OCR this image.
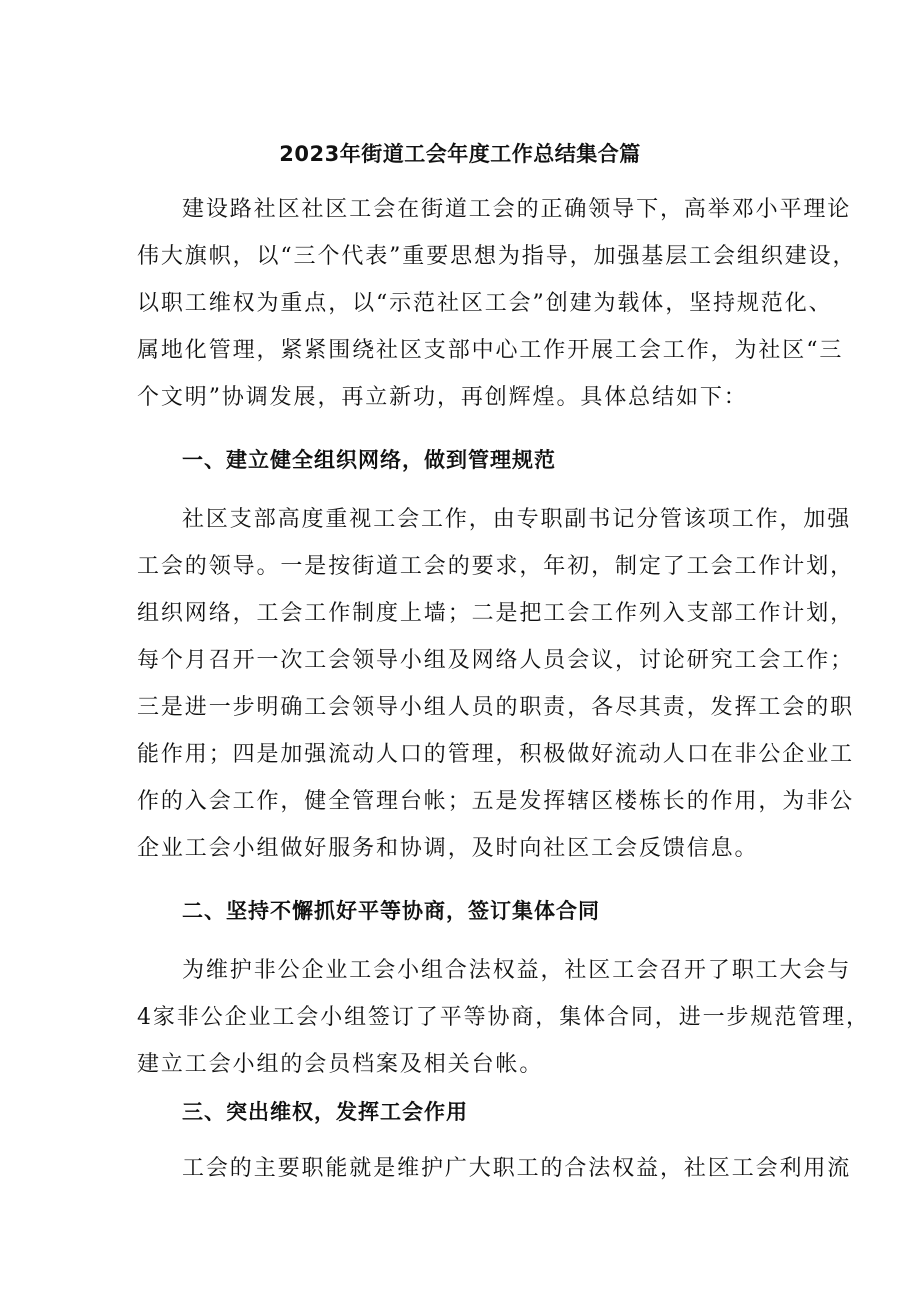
2023年街道工会年度工作总结集合篇
建设路社区社区工会在街道工会的正确领导下，高举邓小平理论
伟大旗帜，以“三个代表”重要思想为指导，加强基层工会组织建设，
以职工维权为重点，以“示范社区工会”创建为载体，坚持规范化、
属地化管理，紧紧围绕社区支部中心工作开展工会工作，为社区“三
个文明”协调发展，再立新功，再创辉煌。具体总结如下：
一、建立健全组织网络，做到管理规范
社区支部高度重视工会工作，由专职副书记分管该项工作，加强
工会的领导。一是按街道工会的要求，年初，制定了工会工作计划，
组织网络，工会工作制度上墙；二是把工会工作列入支部工作计划，
每个月召开一次工会领导小组及网络人员会议，讨论研究工会工作；
三是进一步明确工会领导小组人员的职责，各尽其责，发挥工会的职
能作用；四是加强流动人口的管理，积极做好流动人口在非公企业工
作的入会工作，健全管理台帐；五是发挥辖区楼栋长的作用，为非公
企业工会小组做好服务和协调，及时向社区工会反馈信息。
二、坚持不懈抓好平等协商，签订集体合同
为维护非公企业工会小组合法权益，社区工会召开了职工大会与
4家非公企业工会小组签订了平等协商，集体合同，进一步规范管理，
建立工会小组的会员档案及相关台帐。
三、突出维权，发挥工会作用
工会的主要职能就是维护广大职工的合法权益，社区工会利用流
